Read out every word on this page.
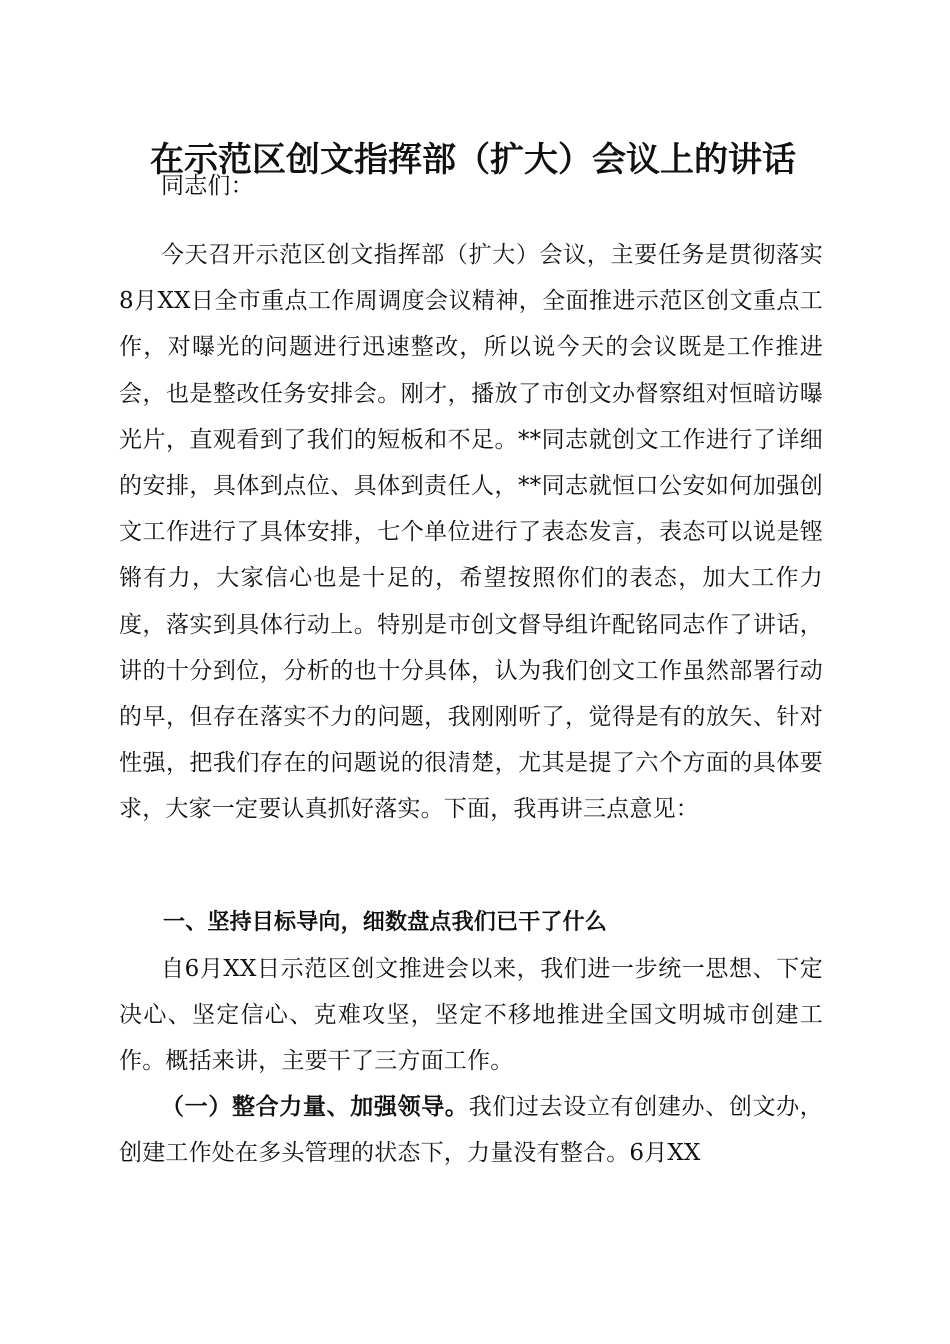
在示范区创文指挥部（扩大）会议上的讲话
同志们：
今天召开示范区创文指挥部（扩大）会议，主要任务是贯彻落实8月XX日全市重点工作周调度会议精神，全面推进示范区创文重点工作，对曝光的问题进行迅速整改，所以说今天的会议既是工作推进会，也是整改任务安排会。刚才，播放了市创文办督察组对恒暗访曝光片，直观看到了我们的短板和不足。**同志就创文工作进行了详细的安排，具体到点位、具体到责任人，**同志就恒口公安如何加强创文工作进行了具体安排，七个单位进行了表态发言，表态可以说是铿锵有力，大家信心也是十足的，希望按照你们的表态，加大工作力度，落实到具体行动上。特别是市创文督导组许配铭同志作了讲话，讲的十分到位，分析的也十分具体，认为我们创文工作虽然部署行动的早，但存在落实不力的问题，我刚刚听了，觉得是有的放矢、针对性强，把我们存在的问题说的很清楚，尤其是提了六个方面的具体要求，大家一定要认真抓好落实。下面，我再讲三点意见：
一、坚持目标导向，细数盘点我们已干了什么
自6月XX日示范区创文推进会以来，我们进一步统一思想、下定决心、坚定信心、克难攻坚，坚定不移地推进全国文明城市创建工作。概括来讲，主要干了三方面工作。
（一）整合力量、加强领导。我们过去设立有创建办、创文办，创建工作处在多头管理的状态下，力量没有整合。6月XX
